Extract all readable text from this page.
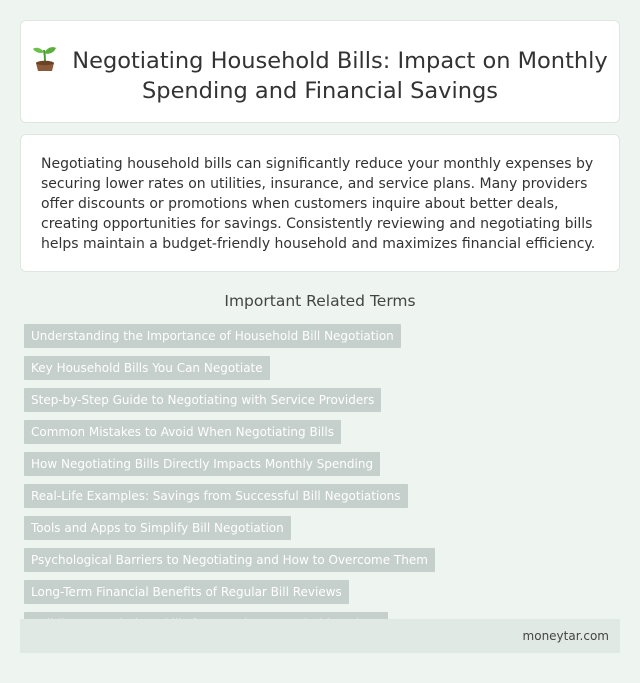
Negotiating Household Bills: Impact on Monthly Spending and Financial Savings

Negotiating household bills can significantly reduce your monthly expenses by securing lower rates on utilities, insurance, and service plans. Many providers offer discounts or promotions when customers inquire about better deals, creating opportunities for savings. Consistently reviewing and negotiating bills helps maintain a budget-friendly household and maximizes financial efficiency.

Important Related Terms
Understanding the Importance of Household Bill Negotiation
Key Household Bills You Can Negotiate
Step-by-Step Guide to Negotiating with Service Providers
Common Mistakes to Avoid When Negotiating Bills
How Negotiating Bills Directly Impacts Monthly Spending
Real-Life Examples: Savings from Successful Bill Negotiations
Tools and Apps to Simplify Bill Negotiation
Psychological Barriers to Negotiating and How to Overcome Them
Long-Term Financial Benefits of Regular Bill Reviews
moneytar.com
